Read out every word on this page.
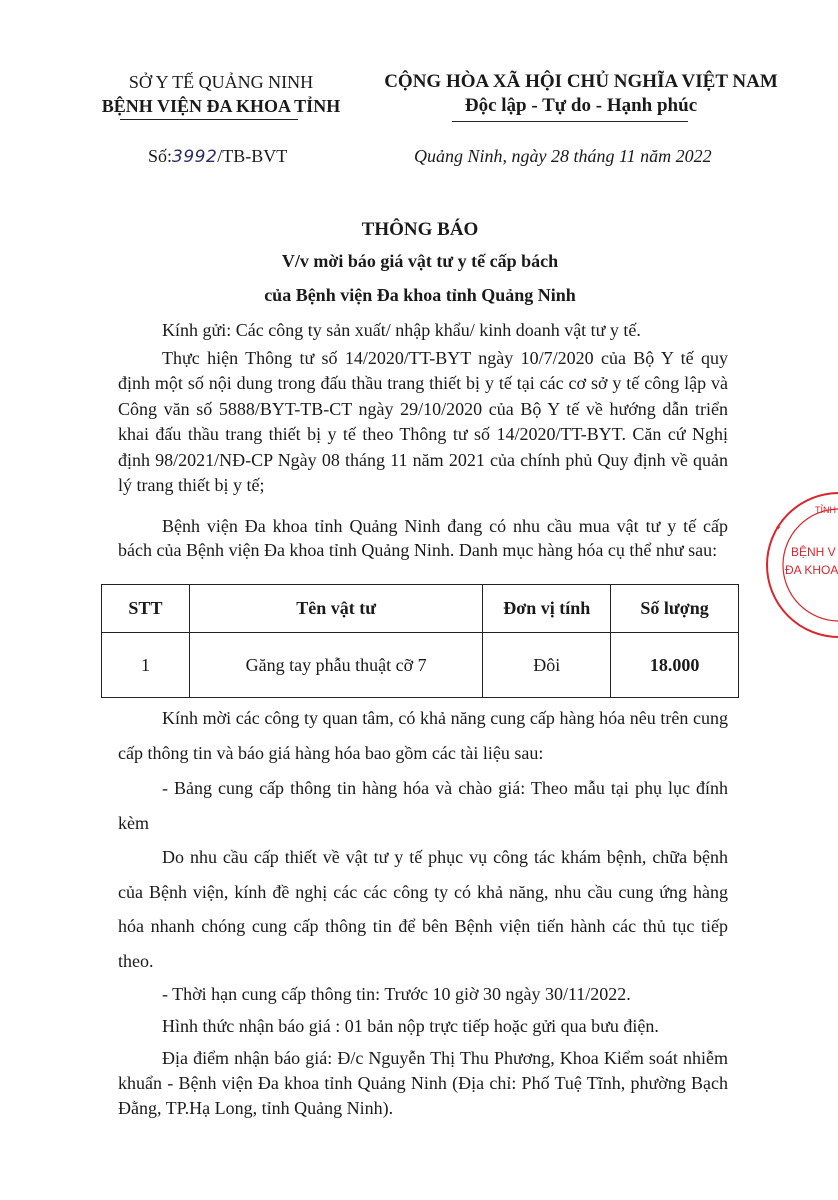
SỞ Y TẾ QUẢNG NINH
BỆNH VIỆN ĐA KHOA TỈNH
CỘNG HÒA XÃ HỘI CHỦ NGHĨA VIỆT NAM
Độc lập - Tự do - Hạnh phúc
Số:3992/TB-BVT	Quảng Ninh, ngày 28 tháng 11 năm 2022
THÔNG BÁO
V/v mời báo giá vật tư y tế cấp bách
của Bệnh viện Đa khoa tỉnh Quảng Ninh
Kính gửi: Các công ty sản xuất/ nhập khẩu/ kinh doanh vật tư y tế.
Thực hiện Thông tư số 14/2020/TT-BYT ngày 10/7/2020 của Bộ Y tế quy định một số nội dung trong đấu thầu trang thiết bị y tế tại các cơ sở y tế công lập và Công văn số 5888/BYT-TB-CT ngày 29/10/2020 của Bộ Y tế về hướng dẫn triển khai đấu thầu trang thiết bị y tế theo Thông tư số 14/2020/TT-BYT. Căn cứ Nghị định 98/2021/NĐ-CP Ngày 08 tháng 11 năm 2021 của chính phủ Quy định về quản lý trang thiết bị y tế;
Bệnh viện Đa khoa tỉnh Quảng Ninh đang có nhu cầu mua vật tư y tế cấp bách của Bệnh viện Đa khoa tỉnh Quảng Ninh. Danh mục hàng hóa cụ thể như sau:
STT	Tên vật tư	Đơn vị tính	Số lượng
1	Găng tay phẫu thuật cỡ 7	Đôi	18.000
Kính mời các công ty quan tâm, có khả năng cung cấp hàng hóa nêu trên cung cấp thông tin và báo giá hàng hóa bao gồm các tài liệu sau:
- Bảng cung cấp thông tin hàng hóa và chào giá: Theo mẫu tại phụ lục đính kèm
Do nhu cầu cấp thiết về vật tư y tế phục vụ công tác khám bệnh, chữa bệnh của Bệnh viện, kính đề nghị các các công ty có khả năng, nhu cầu cung ứng hàng hóa nhanh chóng cung cấp thông tin để bên Bệnh viện tiến hành các thủ tục tiếp theo.
- Thời hạn cung cấp thông tin: Trước 10 giờ 30 ngày 30/11/2022.
Hình thức nhận báo giá : 01 bản nộp trực tiếp hoặc gửi qua bưu điện.
Địa điểm nhận báo giá: Đ/c Nguyễn Thị Thu Phương, Khoa Kiểm soát nhiễm khuẩn - Bệnh viện Đa khoa tỉnh Quảng Ninh (Địa chỉ: Phố Tuệ Tĩnh, phường Bạch Đằng, TP.Hạ Long, tỉnh Quảng Ninh).
TỈNH
BỆNH V
ĐA KHOA
✦
